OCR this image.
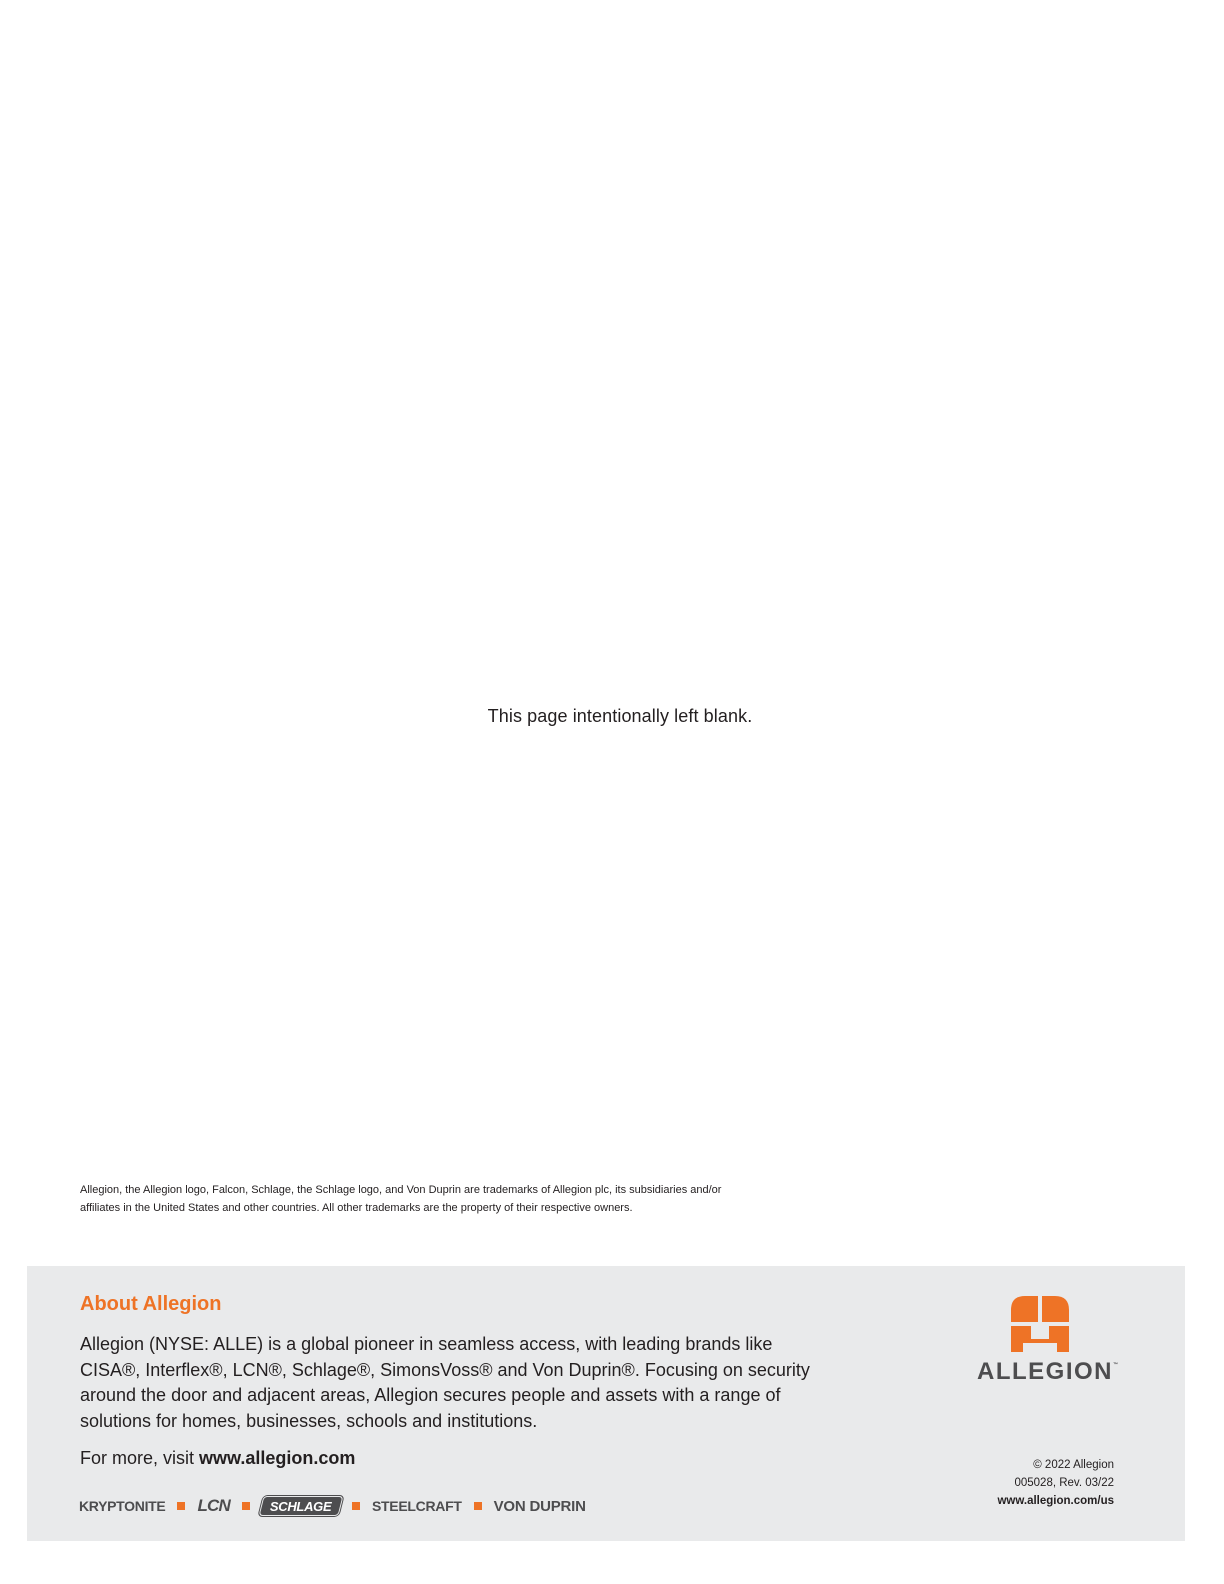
This page intentionally left blank.

Allegion, the Allegion logo, Falcon, Schlage, the Schlage logo, and Von Duprin are trademarks of Allegion plc, its subsidiaries and/or

affiliates in the United States and other countries. All other trademarks are the property of their respective owners.

About Allegion

Allegion (NYSE: ALLE) is a global pioneer in seamless access, with leading brands like CISA®, Interflex®, LCN®, Schlage®, SimonsVoss® and Von Duprin®. Focusing on security around the door and adjacent areas, Allegion secures people and assets with a range of solutions for homes, businesses, schools and institutions.

For more, visit www.allegion.com
KRYPTONITE LCN	SCHLAGE	STEELCRAFT VON DUPRIN
ALLEGION™
© 2022 Allegion
005028, Rev. 03/22
www.allegion.com/us
